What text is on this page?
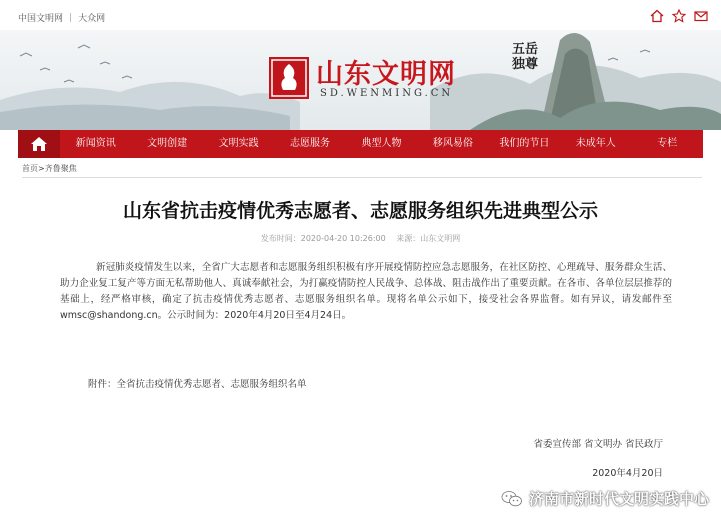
中国文明网 | 大众网
山东文明网
SD.WENMING.CN
五岳独尊
新闻资讯	文明创建	文明实践	志愿服务	典型人物	移风易俗	我们的节日	未成年人	专栏
首页>齐鲁聚焦
山东省抗击疫情优秀志愿者、志愿服务组织先进典型公示
发布时间：2020-04-20 10:26:00 来源：山东文明网

新冠肺炎疫情发生以来，全省广大志愿者和志愿服务组织积极有序开展疫情防控应急志愿服务，在社区防控、心理疏导、服务群众生活、助力企业复工复产等方面无私帮助他人、真诚奉献社会，为打赢疫情防控人民战争、总体战、阻击战作出了重要贡献。在各市、各单位层层推荐的基础上，经严格审核，确定了抗击疫情优秀志愿者、志愿服务组织名单。现将名单公示如下，接受社会各界监督。如有异议，请发邮件至wmsc@shandong.cn。公示时间为：2020年4月20日至4月24日。

附件：全省抗击疫情优秀志愿者、志愿服务组织名单
省委宣传部 省文明办 省民政厅
2020年4月20日
济南市新时代文明实践中心
